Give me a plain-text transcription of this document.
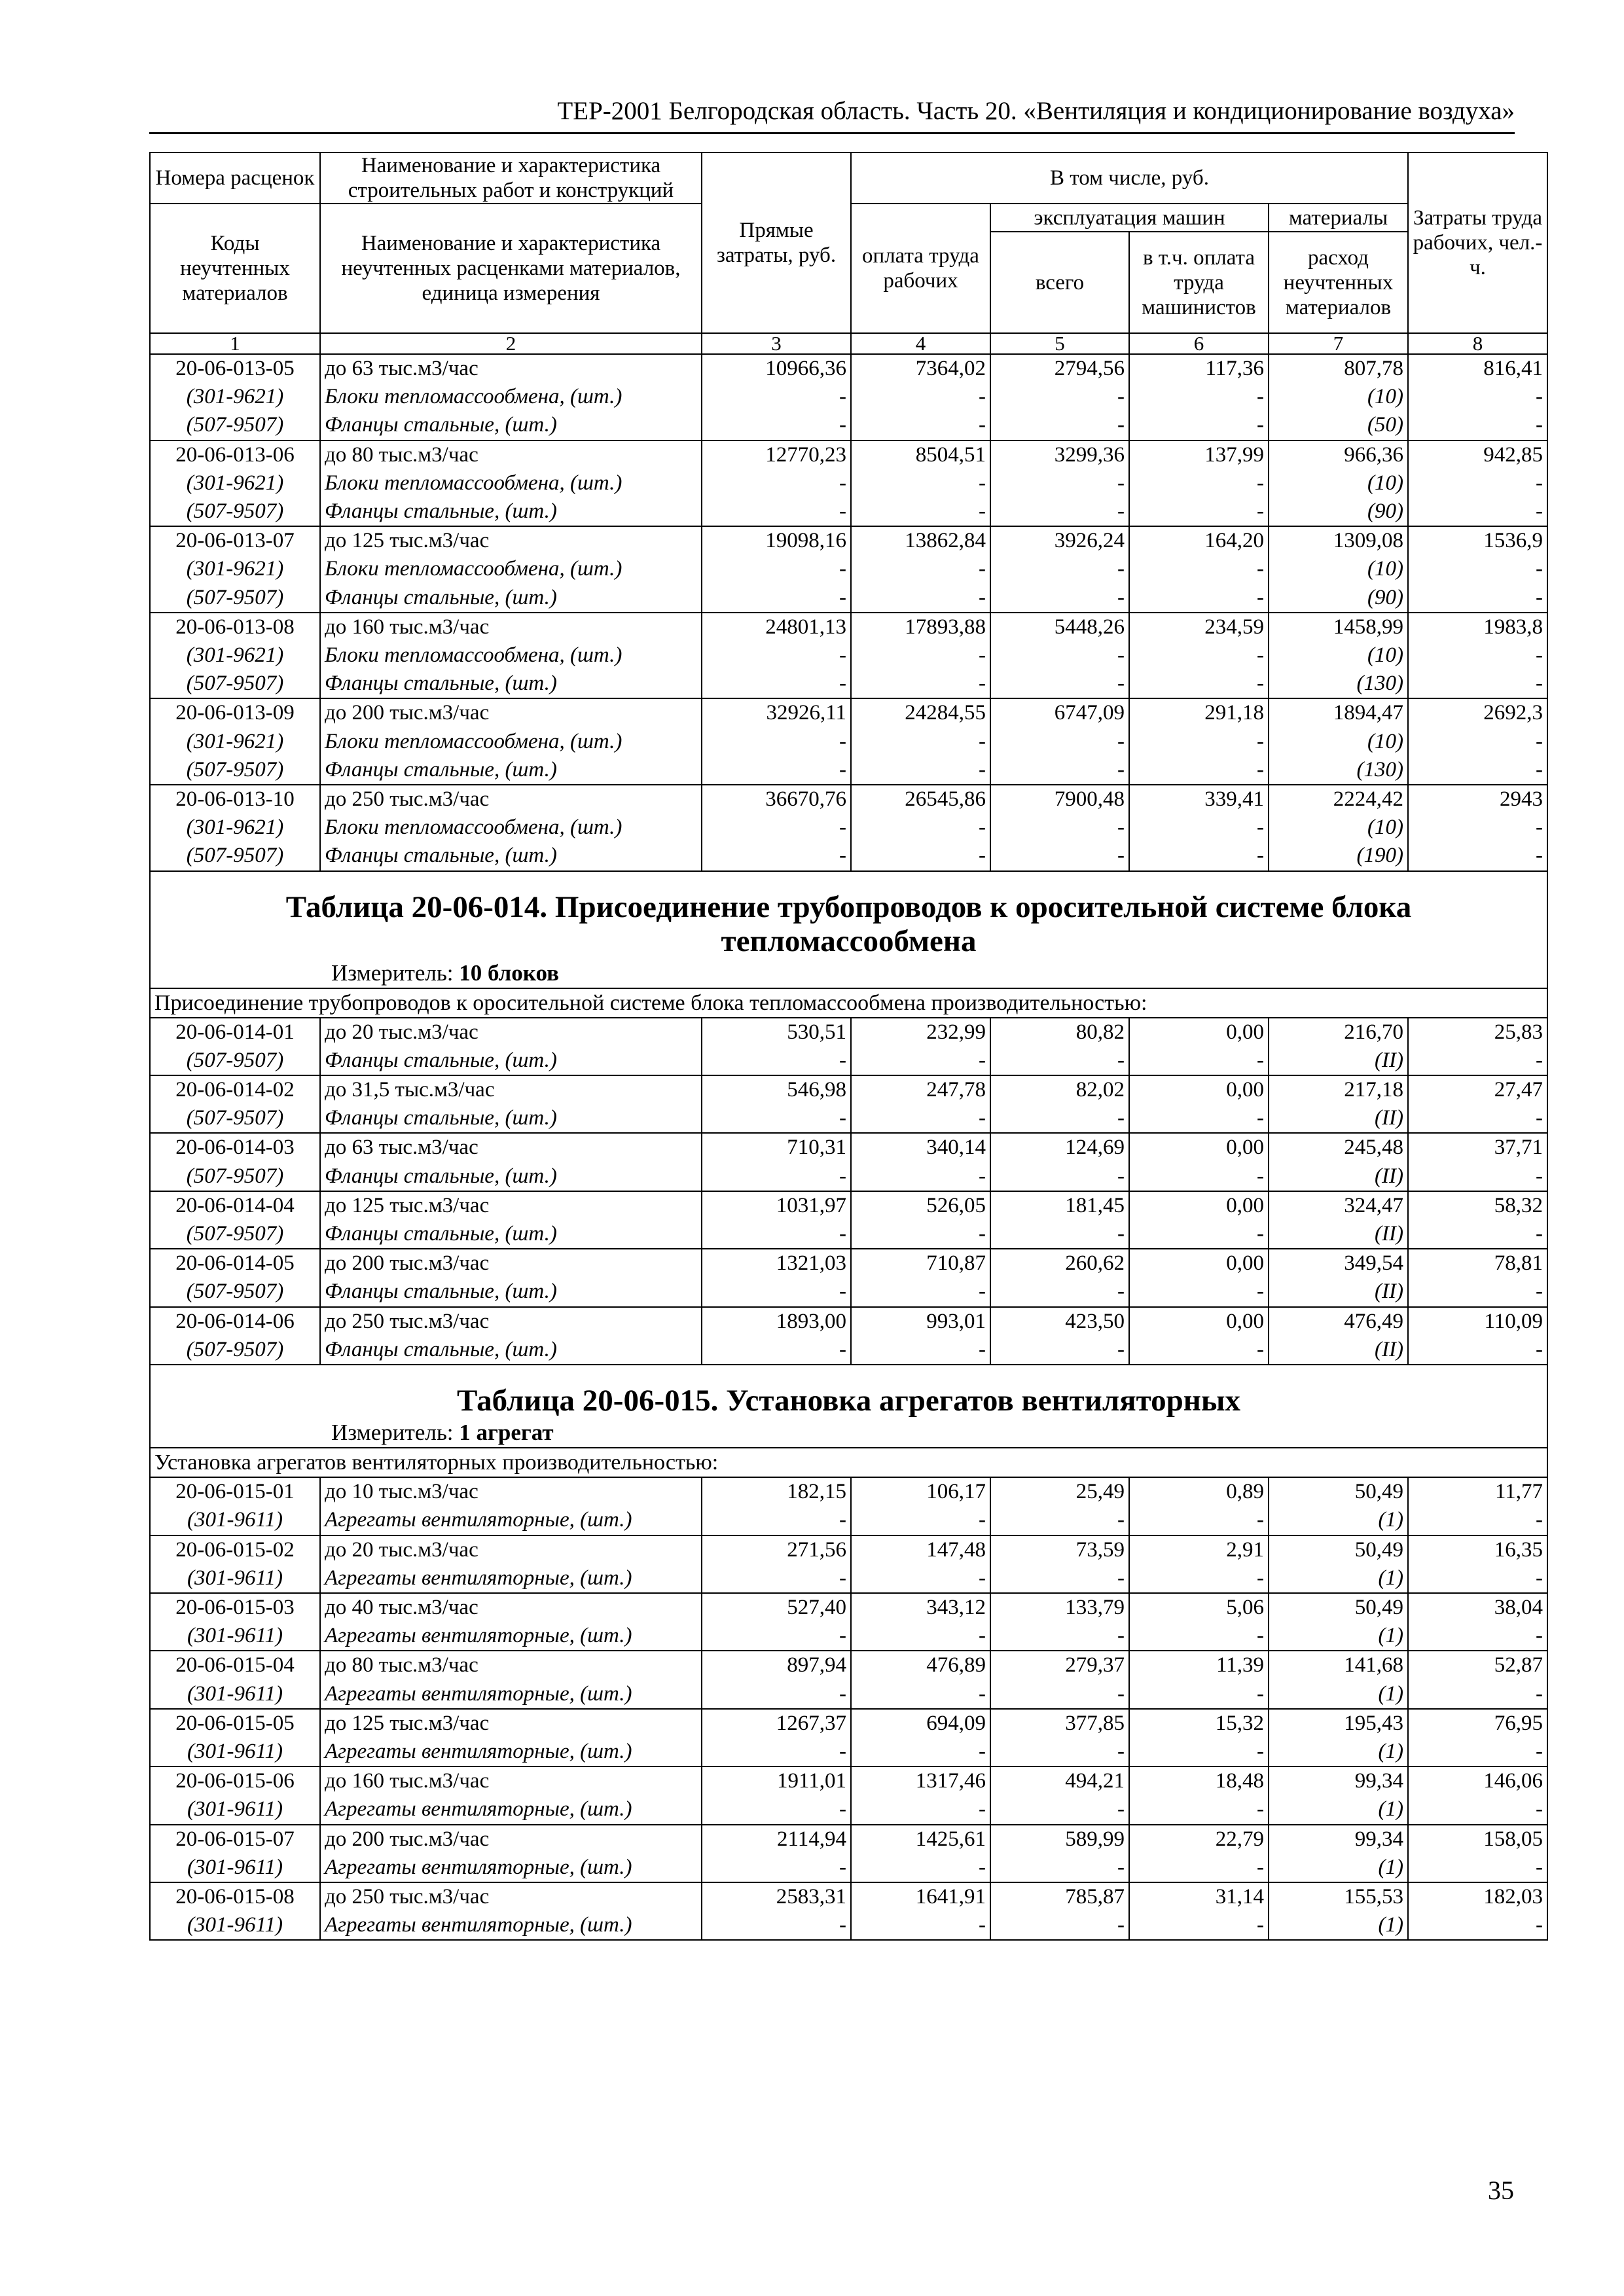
ТЕР-2001 Белгородская область. Часть 20. «Вентиляция и кондиционирование воздуха»
Номера расценок	Наименование и характеристика строительных работ и конструкций	Прямые затраты, руб.	В том числе, руб.				Затраты труда рабочих, чел.-ч.
Коды неучтенных материалов	Наименование и характеристика неучтенных расценками материалов, единица измерения		оплата труда рабочих	эксплуатация машин		материалы	
				всего	в т.ч. оплата труда машинистов	расход неучтенных материалов	
1	2	3	4	5	6	7	8
20-06-013-05	до 63 тыс.м3/час	10966,36	7364,02	2794,56	117,36	807,78	816,41
(301-9621)	Блоки тепломассообмена, (шт.)	-	-	-	-	(10)	-
(507-9507)	Фланцы стальные, (шт.)	-	-	-	-	(50)	-
20-06-013-06	до 80 тыс.м3/час	12770,23	8504,51	3299,36	137,99	966,36	942,85
(301-9621)	Блоки тепломассообмена, (шт.)	-	-	-	-	(10)	-
(507-9507)	Фланцы стальные, (шт.)	-	-	-	-	(90)	-
20-06-013-07	до 125 тыс.м3/час	19098,16	13862,84	3926,24	164,20	1309,08	1536,9
(301-9621)	Блоки тепломассообмена, (шт.)	-	-	-	-	(10)	-
(507-9507)	Фланцы стальные, (шт.)	-	-	-	-	(90)	-
20-06-013-08	до 160 тыс.м3/час	24801,13	17893,88	5448,26	234,59	1458,99	1983,8
(301-9621)	Блоки тепломассообмена, (шт.)	-	-	-	-	(10)	-
(507-9507)	Фланцы стальные, (шт.)	-	-	-	-	(130)	-
20-06-013-09	до 200 тыс.м3/час	32926,11	24284,55	6747,09	291,18	1894,47	2692,3
(301-9621)	Блоки тепломассообмена, (шт.)	-	-	-	-	(10)	-
(507-9507)	Фланцы стальные, (шт.)	-	-	-	-	(130)	-
20-06-013-10	до 250 тыс.м3/час	36670,76	26545,86	7900,48	339,41	2224,42	2943
(301-9621)	Блоки тепломассообмена, (шт.)	-	-	-	-	(10)	-
(507-9507)	Фланцы стальные, (шт.)	-	-	-	-	(190)	-

Таблица 20-06-014. Присоединение трубопроводов к оросительной системе блока тепломассообмена
Измеритель: 10 блоков							

Присоединение трубопроводов к оросительной системе блока тепломассообмена производительностью:							
20-06-014-01	до 20 тыс.м3/час	530,51	232,99	80,82	0,00	216,70	25,83
(507-9507)	Фланцы стальные, (шт.)	-	-	-	-	(II)	-
20-06-014-02	до 31,5 тыс.м3/час	546,98	247,78	82,02	0,00	217,18	27,47
(507-9507)	Фланцы стальные, (шт.)	-	-	-	-	(II)	-
20-06-014-03	до 63 тыс.м3/час	710,31	340,14	124,69	0,00	245,48	37,71
(507-9507)	Фланцы стальные, (шт.)	-	-	-	-	(II)	-
20-06-014-04	до 125 тыс.м3/час	1031,97	526,05	181,45	0,00	324,47	58,32
(507-9507)	Фланцы стальные, (шт.)	-	-	-	-	(II)	-
20-06-014-05	до 200 тыс.м3/час	1321,03	710,87	260,62	0,00	349,54	78,81
(507-9507)	Фланцы стальные, (шт.)	-	-	-	-	(II)	-
20-06-014-06	до 250 тыс.м3/час	1893,00	993,01	423,50	0,00	476,49	110,09
(507-9507)	Фланцы стальные, (шт.)	-	-	-	-	(II)	-

Таблица 20-06-015. Установка агрегатов вентиляторных
Измеритель: 1 агрегат							

Установка агрегатов вентиляторных производительностью:							
20-06-015-01	до 10 тыс.м3/час	182,15	106,17	25,49	0,89	50,49	11,77
(301-9611)	Агрегаты вентиляторные, (шт.)	-	-	-	-	(1)	-
20-06-015-02	до 20 тыс.м3/час	271,56	147,48	73,59	2,91	50,49	16,35
(301-9611)	Агрегаты вентиляторные, (шт.)	-	-	-	-	(1)	-
20-06-015-03	до 40 тыс.м3/час	527,40	343,12	133,79	5,06	50,49	38,04
(301-9611)	Агрегаты вентиляторные, (шт.)	-	-	-	-	(1)	-
20-06-015-04	до 80 тыс.м3/час	897,94	476,89	279,37	11,39	141,68	52,87
(301-9611)	Агрегаты вентиляторные, (шт.)	-	-	-	-	(1)	-
20-06-015-05	до 125 тыс.м3/час	1267,37	694,09	377,85	15,32	195,43	76,95
(301-9611)	Агрегаты вентиляторные, (шт.)	-	-	-	-	(1)	-
20-06-015-06	до 160 тыс.м3/час	1911,01	1317,46	494,21	18,48	99,34	146,06
(301-9611)	Агрегаты вентиляторные, (шт.)	-	-	-	-	(1)	-
20-06-015-07	до 200 тыс.м3/час	2114,94	1425,61	589,99	22,79	99,34	158,05
(301-9611)	Агрегаты вентиляторные, (шт.)	-	-	-	-	(1)	-
20-06-015-08	до 250 тыс.м3/час	2583,31	1641,91	785,87	31,14	155,53	182,03
(301-9611)	Агрегаты вентиляторные, (шт.)	-	-	-	-	(1)	-
35
